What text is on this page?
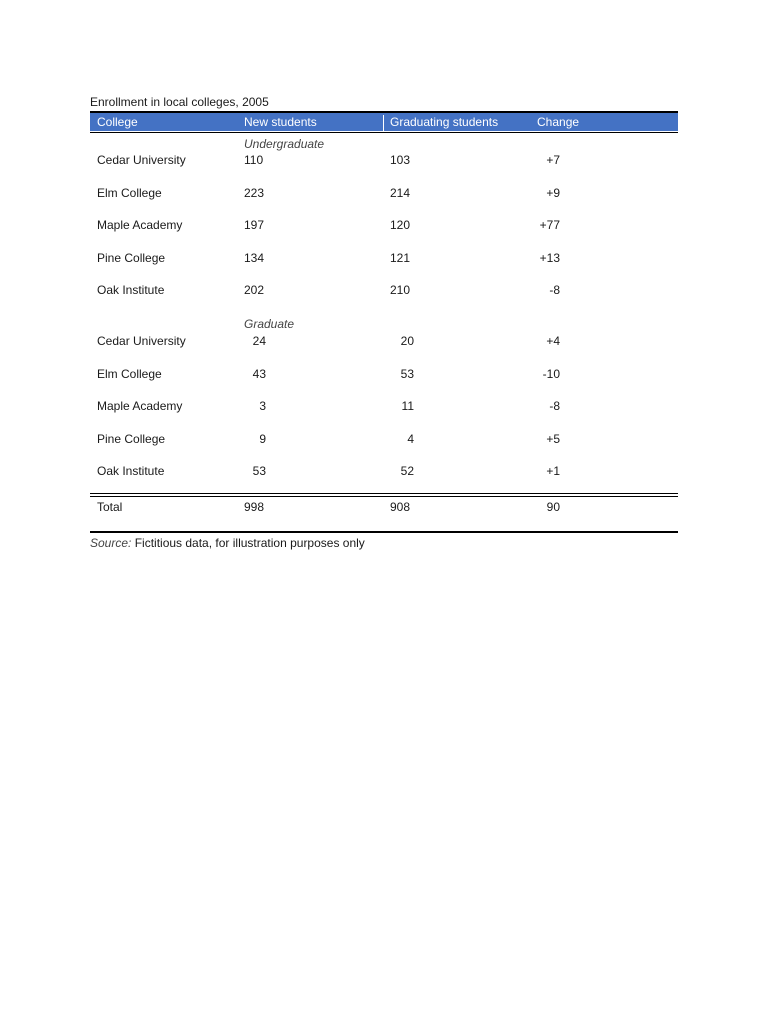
Enrollment in local colleges, 2005
College	New students	Graduating students	Change
Undergraduate
Cedar University	110	103	+7
Elm College	223	214	+9
Maple Academy	197	120	+77
Pine College	134	121	+13
Oak Institute	202	210	-8
Graduate
Cedar University	24	20	+4
Elm College	43	53	-10
Maple Academy	3	11	-8
Pine College	9	4	+5
Oak Institute	53	52	+1
Total	998	908	90
Source: Fictitious data, for illustration purposes only
